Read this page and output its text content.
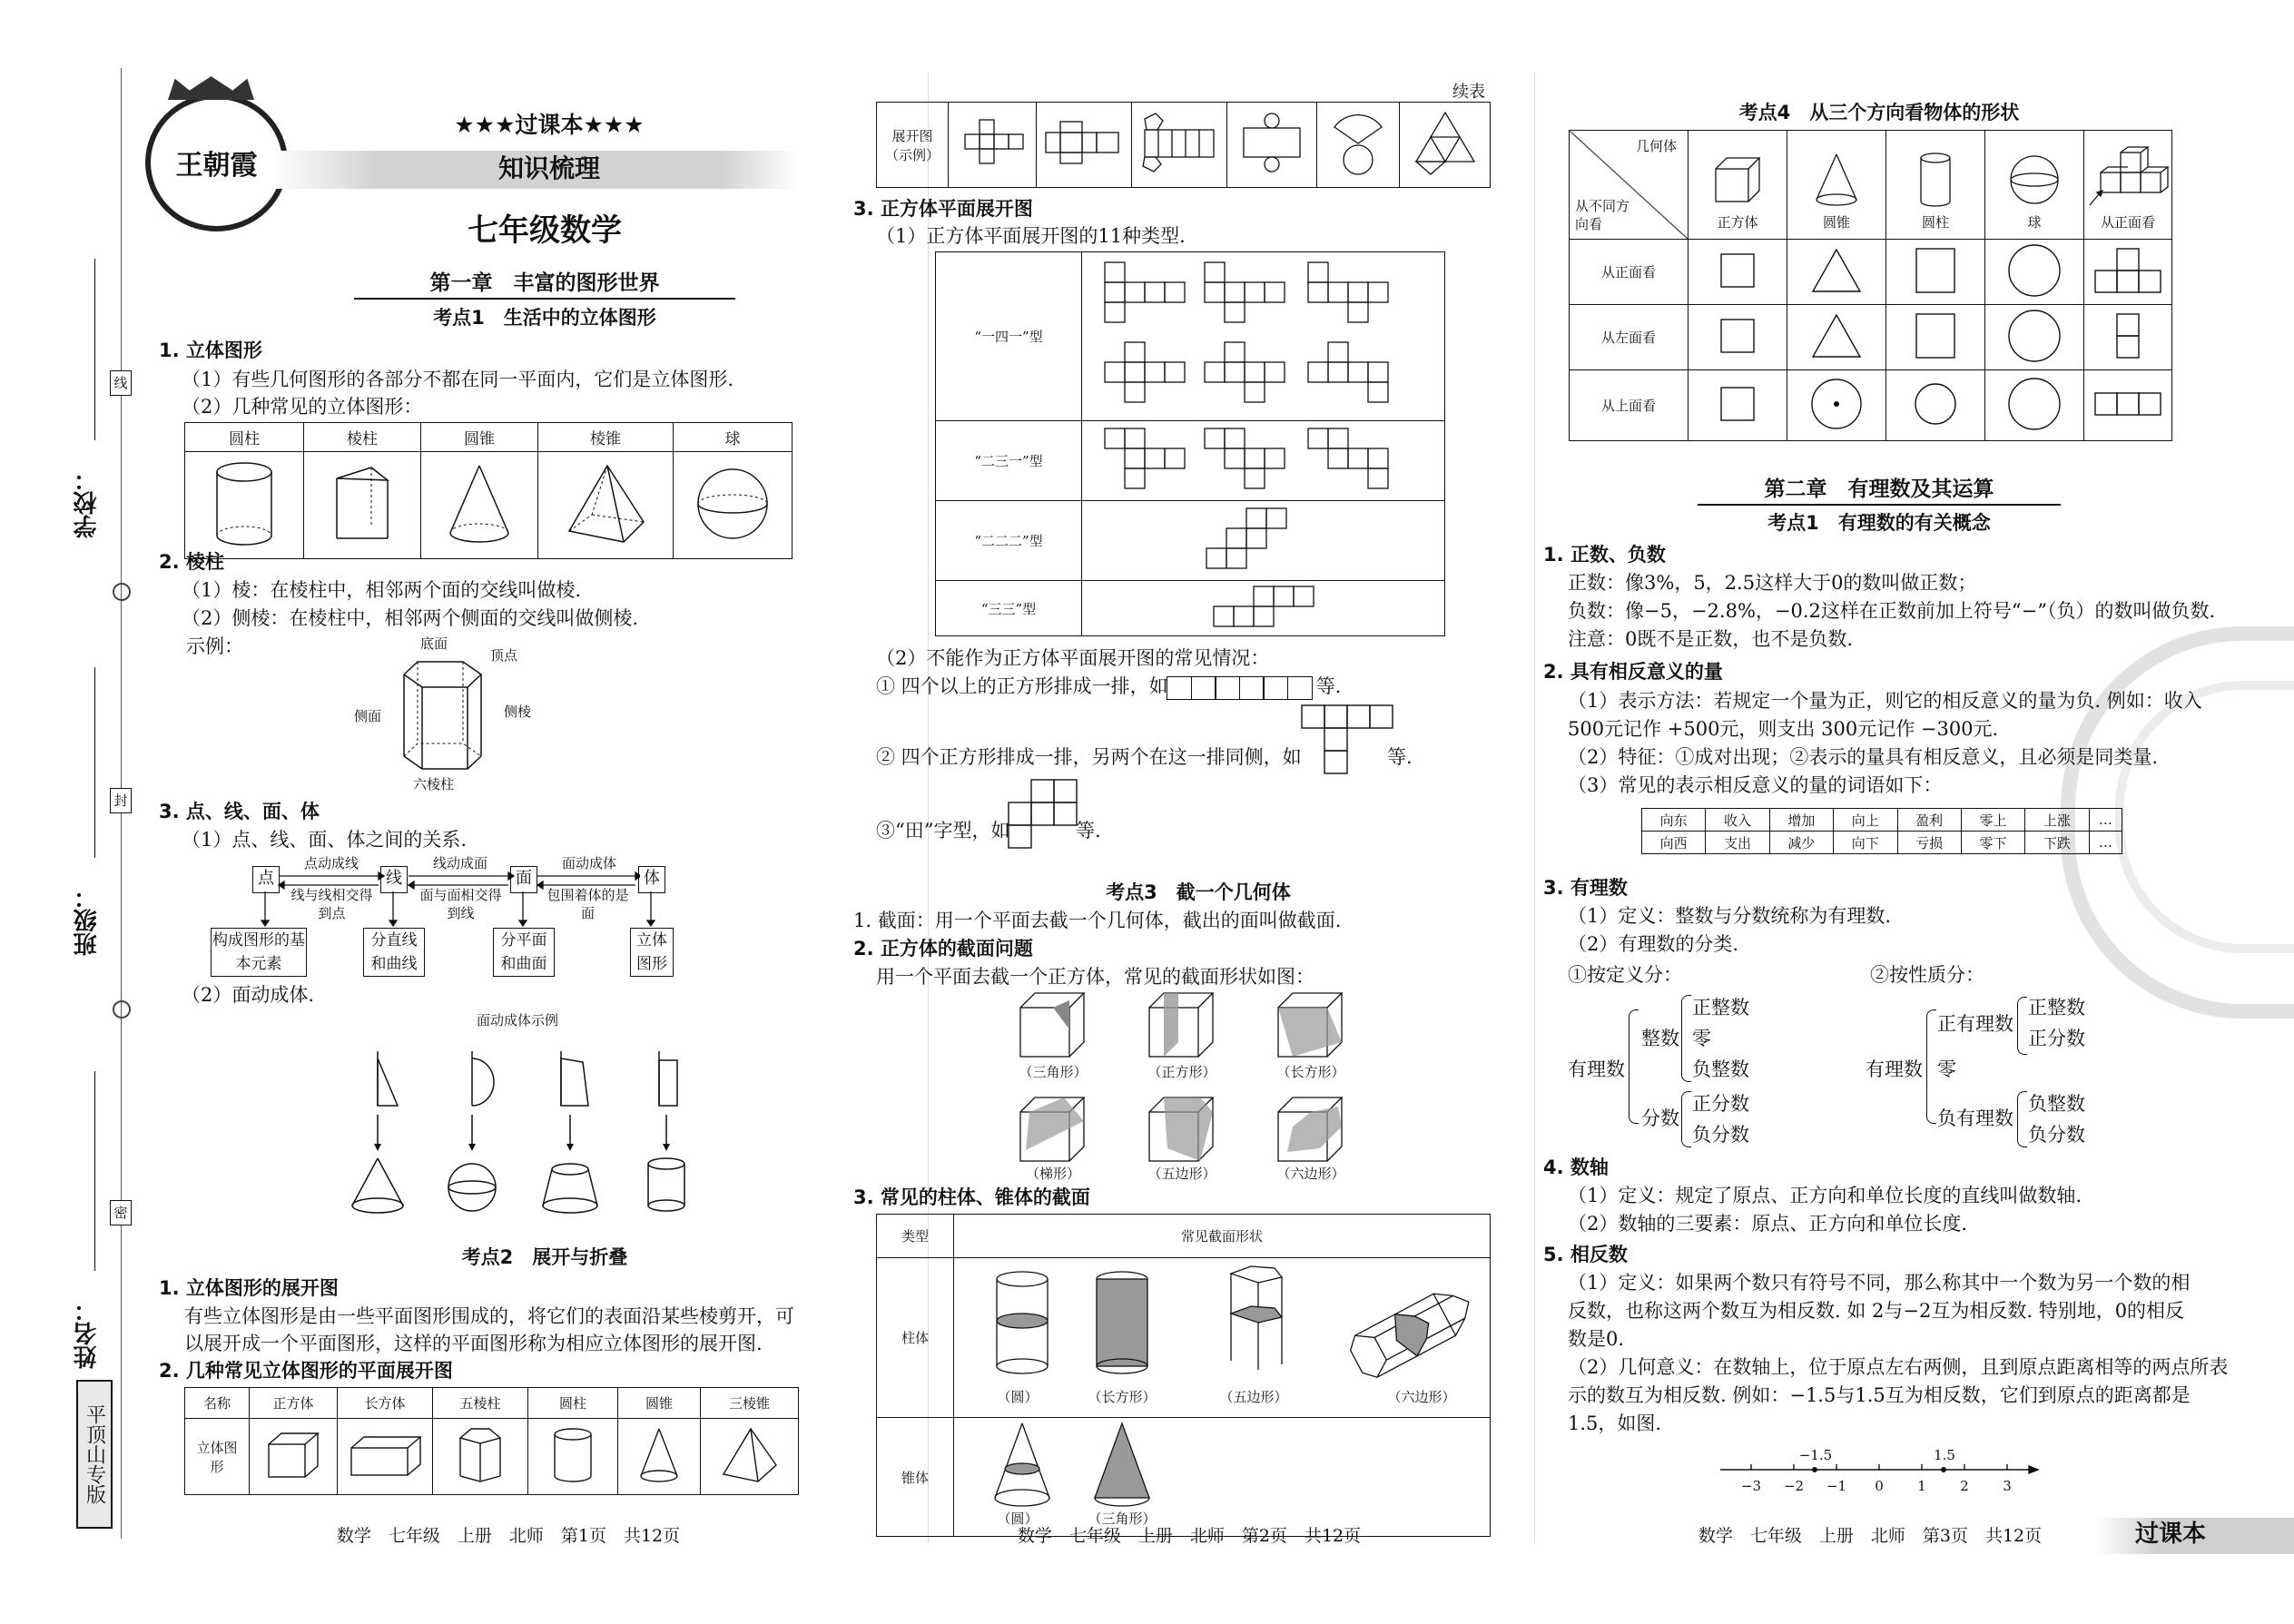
学校：
班级：
姓名：
线
封
密
平顶山专版
王朝霞
★★★过课本★★★
知识梳理
七年级数学
第一章　丰富的图形世界
考点1　生活中的立体图形
1. 立体图形
（1）有些几何图形的各部分不都在同一平面内，它们是立体图形.
（2）几种常见的立体图形：
圆柱	棱柱	圆锥	棱锥	球

2. 棱柱
（1）棱：在棱柱中，相邻两个面的交线叫做棱.
（2）侧棱：在棱柱中，相邻两个侧面的交线叫做侧棱.
示例：	底面
顶点
侧面	侧棱
六棱柱
3. 点、线、面、体
（1）点、线、面、体之间的关系.
点	线	面	体
点动成线	线动成面	面动成体
线与线相交得到点
面与面相交得到线
包围着体的是面
构成图形的基本元素
分直线和曲线
分平面和曲面
立体图形
（2）面动成体.
面动成体示例
考点2　展开与折叠
1. 立体图形的展开图
有些立体图形是由一些平面图形围成的，将它们的表面沿某些棱剪开，可
以展开成一个平面图形，这样的平面图形称为相应立体图形的展开图.
2. 几种常见立体图形的平面展开图
名称	正方体	长方体	五棱柱	圆柱	圆锥	三棱锥
立体图形						
数学　七年级　上册　北师　第1页　共12页
续表
展开图（示例）						
3. 正方体平面展开图
（1）正方体平面展开图的11种类型.
“一四一”型	
“二三一”型	
“二二二”型	
“三三”型	
（2）不能作为正方体平面展开图的常见情况：
① 四个以上的正方形排成一排，如	等.
② 四个正方形排成一排，另两个在这一排同侧，如	等.
③“田”字型，如	等.
考点3　截一个几何体
1. 截面：用一个平面去截一个几何体，截出的面叫做截面.
2. 正方体的截面问题
用一个平面去截一个正方体，常见的截面形状如图：
（三角形）	（正方形）	（长方形）
（梯形）	（五边形）	（六边形）
3. 常见的柱体、锥体的截面
类型	常见截面形状
柱体	（圆） （长方形） （五边形） （六边形）

锥体	（圆） （三角形）
数学　七年级　上册　北师　第2页　共12页
考点4　从三个方向看物体的形状
几何体
从不同方向看	正方体	圆锥	圆柱	球	从正面看

从正面看					
从左面看					
从上面看					
第二章　有理数及其运算
考点1　有理数的有关概念
1. 正数、负数
正数：像3%，5，2.5这样大于0的数叫做正数；
负数：像−5，−2.8%，−0.2这样在正数前加上符号“−”（负）的数叫做负数.
注意：0既不是正数，也不是负数.
2. 具有相反意义的量
（1）表示方法：若规定一个量为正，则它的相反意义的量为负. 例如：收入
500元记作 +500元，则支出 300元记作 −300元.
（2）特征：①成对出现；②表示的量具有相反意义，且必须是同类量.
（3）常见的表示相反意义的量的词语如下：
向东	收入	增加	向上	盈利	零上	上涨	…
向西	支出	减少	向下	亏损	零下	下跌	…
3. 有理数
（1）定义：整数与分数统称为有理数.
（2）有理数的分类.
①按定义分：	②按性质分：
有理数
整数
分数
正整数
零
负整数
正分数
负分数
有理数
正有理数
零
负有理数
正整数
正分数
负整数
负分数
4. 数轴
（1）定义：规定了原点、正方向和单位长度的直线叫做数轴.
（2）数轴的三要素：原点、正方向和单位长度.
5. 相反数
（1）定义：如果两个数只有符号不同，那么称其中一个数为另一个数的相
反数，也称这两个数互为相反数. 如 2与−2互为相反数. 特别地，0的相反
数是0.
（2）几何意义：在数轴上，位于原点左右两侧，且到原点距离相等的两点所表
示的数互为相反数. 例如：−1.5与1.5互为相反数，它们到原点的距离都是
1.5，如图.
−3	−2	−1	0	1	2	3
−1.5	1.5
数学　七年级　上册　北师　第3页　共12页	过课本
